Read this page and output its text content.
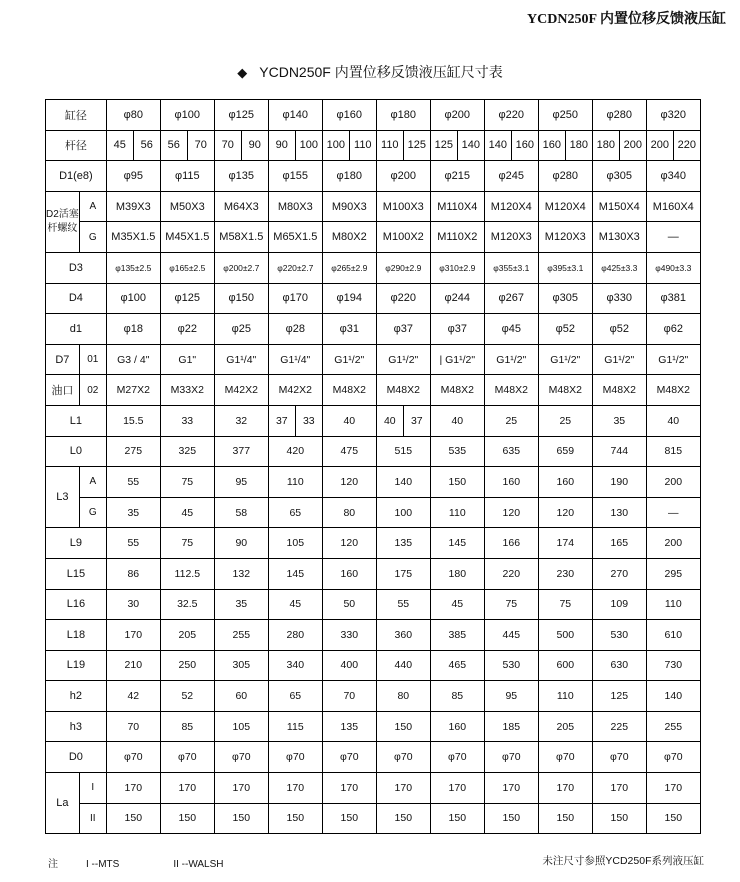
YCDN250F 内置位移反馈液压缸
◆ YCDN250F 内置位移反馈液压缸尺寸表
缸径		φ80		φ100		φ125		φ140		φ160		φ180		φ200		φ220		φ250		φ280		φ320	
杆径		45	56	56	70	70	90	90	100	100	110	110	125	125	140	140	160	160	180	180	200	200	220
D1(e8)		φ95		φ115		φ135		φ155		φ180		φ200		φ215		φ245		φ280		φ305		φ340	
D2活塞
杆螺纹	A	M39X3		M50X3		M64X3		M80X3		M90X3		M100X3		M110X4		M120X4		M120X4		M150X4		M160X4	
	G	M35X1.5		M45X1.5		M58X1.5		M65X1.5		M80X2		M100X2		M110X2		M120X3		M120X3		M130X3		—	
D3		φ135±2.5		φ165±2.5		φ200±2.7		φ220±2.7		φ265±2.9		φ290±2.9		φ310±2.9		φ355±3.1		φ395±3.1		φ425±3.3		φ490±3.3	
D4		φ100		φ125		φ150		φ170		φ194		φ220		φ244		φ267		φ305		φ330		φ381	
d1		φ18		φ22		φ25		φ28		φ31		φ37		φ37		φ45		φ52		φ52		φ62	
D7	01	G3 / 4"		G1"		G1¹/4"		G1¹/4"		G1¹/2"		G1¹/2"		| G1¹/2"		G1¹/2"		G1¹/2"		G1¹/2"		G1¹/2"	
油口	02	M27X2		M33X2		M42X2		M42X2		M48X2		M48X2		M48X2		M48X2		M48X2		M48X2		M48X2	
L1		15.5		33		32		37	33	40		40	37	40		25		25		35		40	
L0		275		325		377		420		475		515		535		635		659		744		815	
L3	A	55		75		95		110		120		140		150		160		160		190		200	
	G	35		45		58		65		80		100		110		120		120		130		—	
L9		55		75		90		105		120		135		145		166		174		165		200	
L15		86		112.5		132		145		160		175		180		220		230		270		295	
L16		30		32.5		35		45		50		55		45		75		75		109		110	
L18		170		205		255		280		330		360		385		445		500		530		610	
L19		210		250		305		340		400		440		465		530		600		630		730	
h2		42		52		60		65		70		80		85		95		110		125		140	
h3		70		85		105		115		135		150		160		185		205		225		255	
D0		φ70		φ70		φ70		φ70		φ70		φ70		φ70		φ70		φ70		φ70		φ70	
La	I	170		170		170		170		170		170		170		170		170		170		170	
	II	150		150		150		150		150		150		150		150		150		150		150	
注	I --MTS	II --WALSH	未注尺寸参照YCD250F系列液压缸
